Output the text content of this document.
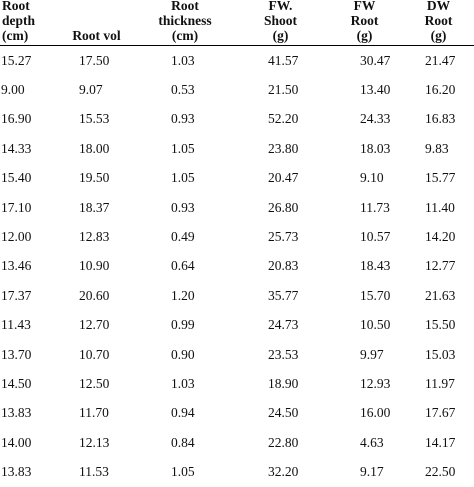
Root
depth
(cm)	Root vol	Root
thickness
(cm)	FW.
Shoot
(g)	FW
Root
(g)	DW
Root
(g)

15.27	17.50	1.03	41.57	30.47	21.47
9.00	9.07	0.53	21.50	13.40	16.20
16.90	15.53	0.93	52.20	24.33	16.83
14.33	18.00	1.05	23.80	18.03	9.83
15.40	19.50	1.05	20.47	9.10	15.77
17.10	18.37	0.93	26.80	11.73	11.40
12.00	12.83	0.49	25.73	10.57	14.20
13.46	10.90	0.64	20.83	18.43	12.77
17.37	20.60	1.20	35.77	15.70	21.63
11.43	12.70	0.99	24.73	10.50	15.50
13.70	10.70	0.90	23.53	9.97	15.03
14.50	12.50	1.03	18.90	12.93	11.97
13.83	11.70	0.94	24.50	16.00	17.67
14.00	12.13	0.84	22.80	4.63	14.17
13.83	11.53	1.05	32.20	9.17	22.50
